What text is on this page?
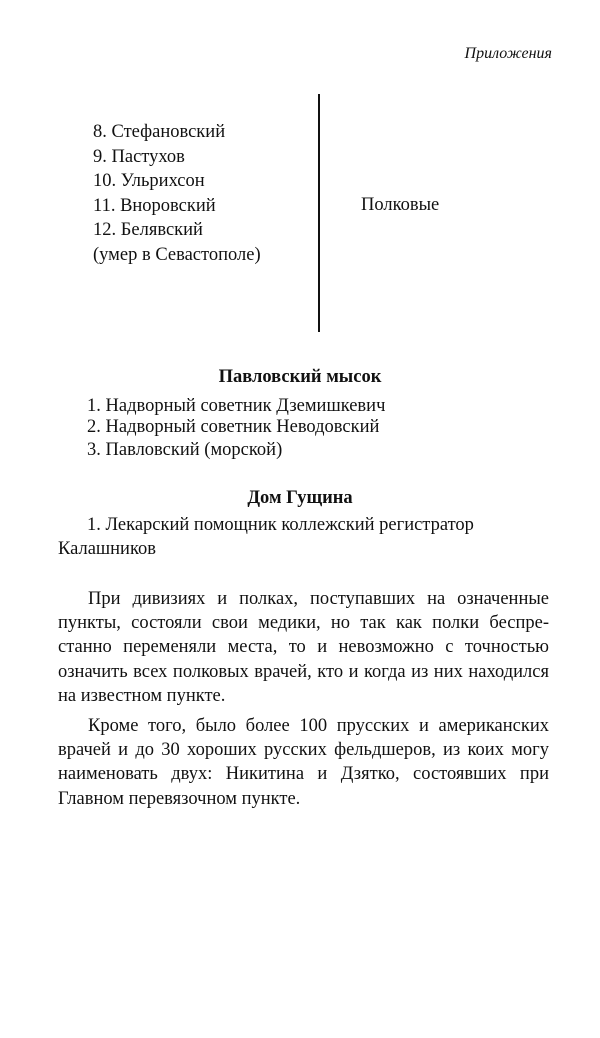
Приложения
8. Стефановский
9. Пастухов
10. Ульрихсон
11. Вноровский
12. Белявский
(умер в Севастополе)
Полковые
Павловский мысок
1. Надворный советник Дземишкевич
2. Надворный советник Неводовский
3. Павловский (морской)
Дом Гущина
1. Лекарский помощник коллежский регистратор
Калашников

При дивизиях и полках, поступавших на означенные пункты, состояли свои медики, но так как полки беспрестанно переменяли места, то и невозможно с точностью означить всех полковых врачей, кто и когда из них находился на известном пункте.

Кроме того, было более 100 прусских и американских врачей и до 30 хороших русских фельдшеров, из коих могу наименовать двух: Никитина и Дзятко, состоявших при Главном перевязочном пункте.
